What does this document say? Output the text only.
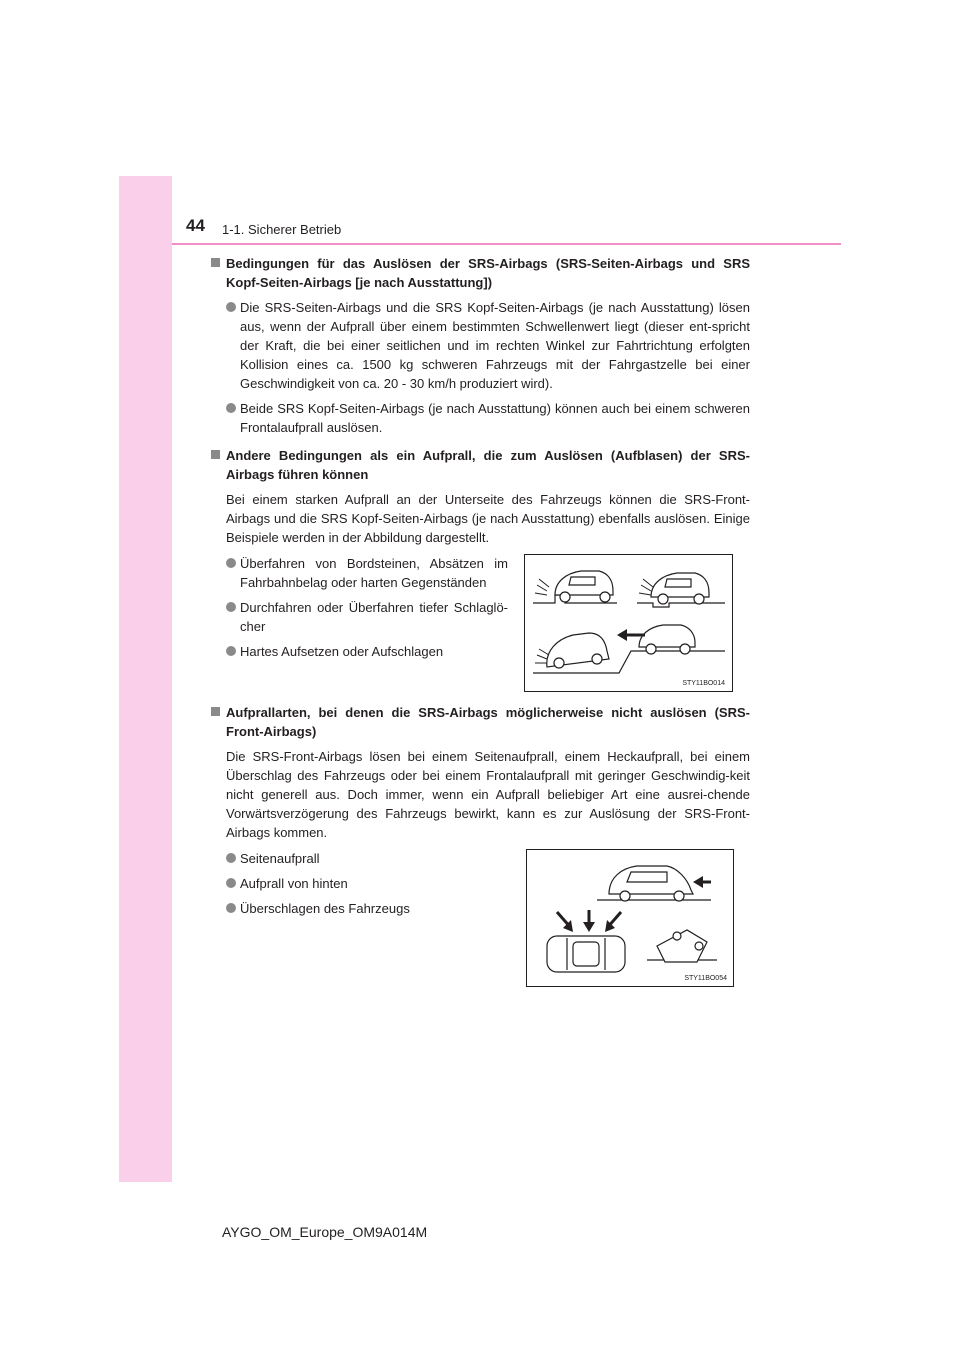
44 1-1. Sicherer Betrieb

Bedingungen für das Auslösen der SRS-Airbags (SRS-Seiten-Airbags und SRS Kopf-Seiten-Airbags [je nach Ausstattung])

Die SRS-Seiten-Airbags und die SRS Kopf-Seiten-Airbags (je nach Ausstattung) lösen aus, wenn der Aufprall über einem bestimmten Schwellenwert liegt (dieser ent-spricht der Kraft, die bei einer seitlichen und im rechten Winkel zur Fahrtrichtung erfolgten Kollision eines ca. 1500 kg schweren Fahrzeugs mit der Fahrgastzelle bei einer Geschwindigkeit von ca. 20 - 30 km/h produziert wird).
Beide SRS Kopf-Seiten-Airbags (je nach Ausstattung) können auch bei einem schweren Frontalaufprall auslösen.

Andere Bedingungen als ein Aufprall, die zum Auslösen (Aufblasen) der SRS-Airbags führen können

Bei einem starken Aufprall an der Unterseite des Fahrzeugs können die SRS-Front-Airbags und die SRS Kopf-Seiten-Airbags (je nach Ausstattung) ebenfalls auslösen. Einige Beispiele werden in der Abbildung dargestellt.

Überfahren von Bordsteinen, Absätzen im Fahrbahnbelag oder harten Gegenständen
Durchfahren oder Überfahren tiefer Schlaglö-cher
Hartes Aufsetzen oder Aufschlagen
STY11BO014

Aufprallarten, bei denen die SRS-Airbags möglicherweise nicht auslösen (SRS-Front-Airbags)

Die SRS-Front-Airbags lösen bei einem Seitenaufprall, einem Heckaufprall, bei einem Überschlag des Fahrzeugs oder bei einem Frontalaufprall mit geringer Geschwindig-keit nicht generell aus. Doch immer, wenn ein Aufprall beliebiger Art eine ausrei-chende Vorwärtsverzögerung des Fahrzeugs bewirkt, kann es zur Auslösung der SRS-Front-Airbags kommen.

Seitenaufprall
Aufprall von hinten
Überschlagen des Fahrzeugs
STY11BO054
AYGO_OM_Europe_OM9A014M
